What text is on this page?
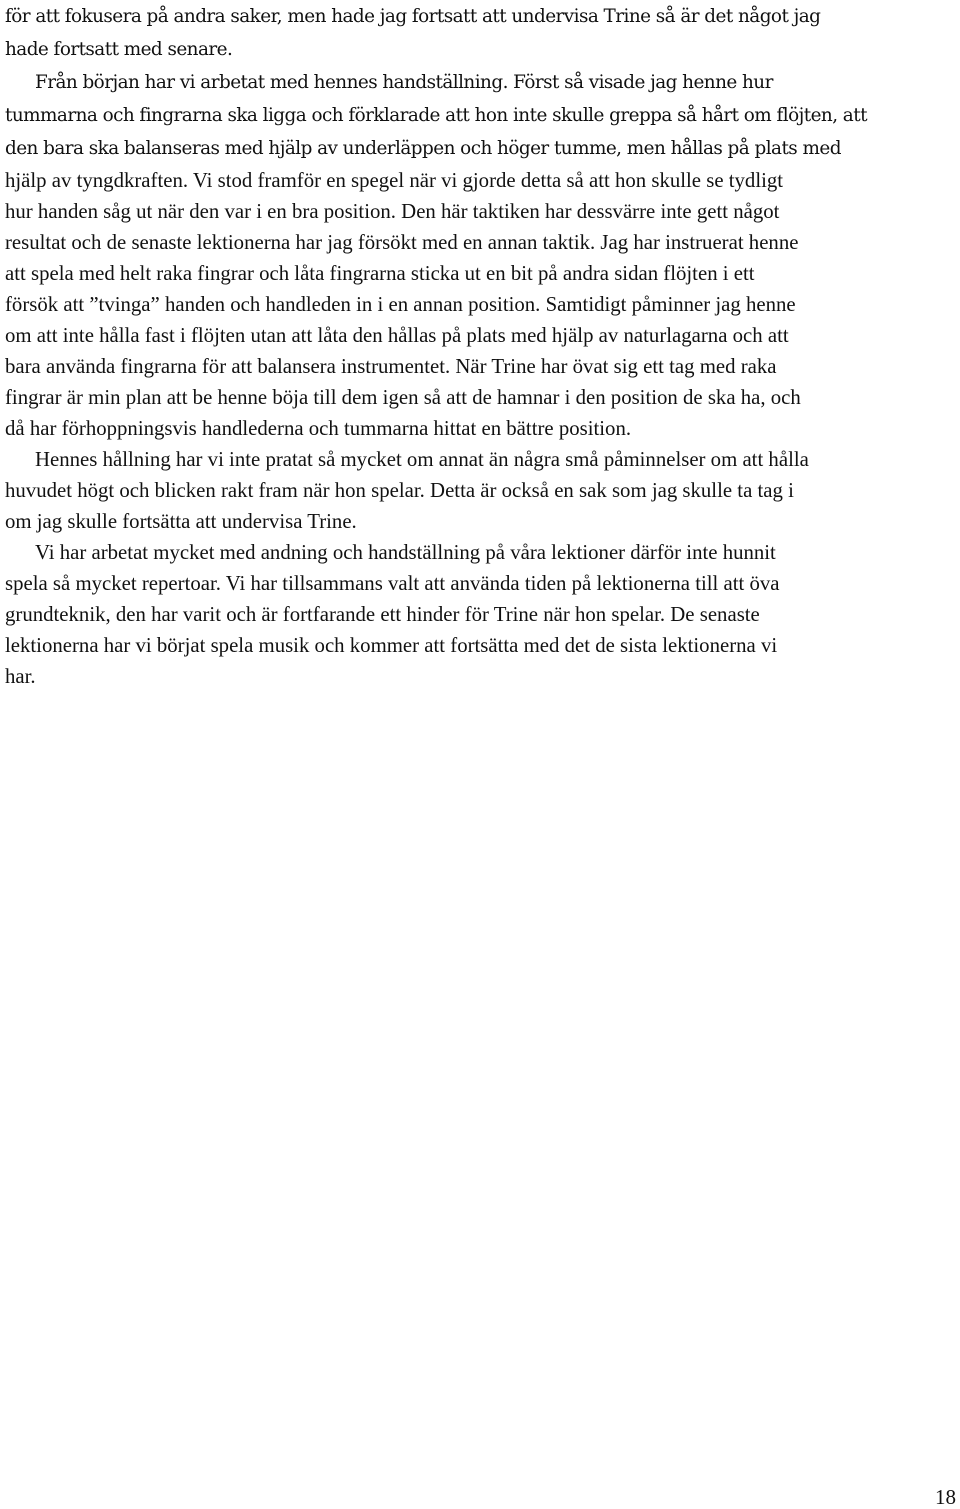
för att fokusera på andra saker, men hade jag fortsatt att undervisa Trine så är det något jag
hade fortsatt med senare.
Från början har vi arbetat med hennes handställning. Först så visade jag henne hur
tummarna och fingrarna ska ligga och förklarade att hon inte skulle greppa så hårt om flöjten, att
den bara ska balanseras med hjälp av underläppen och höger tumme, men hållas på plats med
hjälp av tyngdkraften. Vi stod framför en spegel när vi gjorde detta så att hon skulle se tydligt
hur handen såg ut när den var i en bra position. Den här taktiken har dessvärre inte gett något
resultat och de senaste lektionerna har jag försökt med en annan taktik. Jag har instruerat henne
att spela med helt raka fingrar och låta fingrarna sticka ut en bit på andra sidan flöjten i ett
försök att ”tvinga” handen och handleden in i en annan position. Samtidigt påminner jag henne
om att inte hålla fast i flöjten utan att låta den hållas på plats med hjälp av naturlagarna och att
bara använda fingrarna för att balansera instrumentet. När Trine har övat sig ett tag med raka
fingrar är min plan att be henne böja till dem igen så att de hamnar i den position de ska ha, och
då har förhoppningsvis handlederna och tummarna hittat en bättre position.
Hennes hållning har vi inte pratat så mycket om annat än några små påminnelser om att hålla
huvudet högt och blicken rakt fram när hon spelar. Detta är också en sak som jag skulle ta tag i
om jag skulle fortsätta att undervisa Trine.
Vi har arbetat mycket med andning och handställning på våra lektioner därför inte hunnit
spela så mycket repertoar. Vi har tillsammans valt att använda tiden på lektionerna till att öva
grundteknik, den har varit och är fortfarande ett hinder för Trine när hon spelar. De senaste
lektionerna har vi börjat spela musik och kommer att fortsätta med det de sista lektionerna vi
har.
18
